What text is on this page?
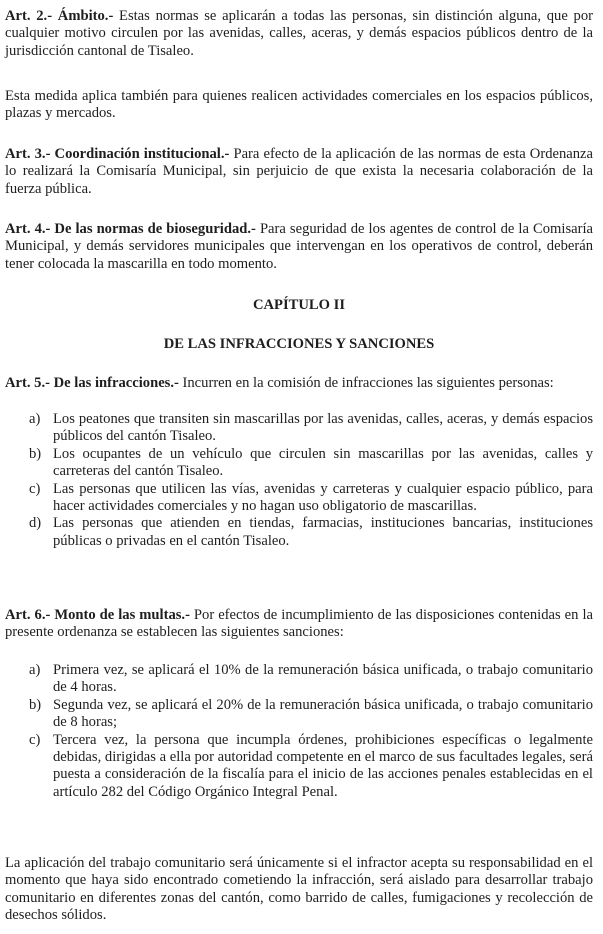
Art. 2.- Ámbito.- Estas normas se aplicarán a todas las personas, sin distinción alguna, que por cualquier motivo circulen por las avenidas, calles, aceras, y demás espacios públicos dentro de la jurisdicción cantonal de Tisaleo.

Esta medida aplica también para quienes realicen actividades comerciales en los espacios públicos, plazas y mercados.

Art. 3.- Coordinación institucional.- Para efecto de la aplicación de las normas de esta Ordenanza lo realizará la Comisaría Municipal, sin perjuicio de que exista la necesaria colaboración de la fuerza pública.

Art. 4.- De las normas de bioseguridad.- Para seguridad de los agentes de control de la Comisaría Municipal, y demás servidores municipales que intervengan en los operativos de control, deberán tener colocada la mascarilla en todo momento.

CAPÍTULO II

DE LAS INFRACCIONES Y SANCIONES

Art. 5.- De las infracciones.- Incurren en la comisión de infracciones las siguientes personas:

a) Los peatones que transiten sin mascarillas por las avenidas, calles, aceras, y demás espacios públicos del cantón Tisaleo.
b) Los ocupantes de un vehículo que circulen sin mascarillas por las avenidas, calles y carreteras del cantón Tisaleo.
c) Las personas que utilicen las vías, avenidas y carreteras y cualquier espacio público, para hacer actividades comerciales y no hagan uso obligatorio de mascarillas.
d) Las personas que atienden en tiendas, farmacias, instituciones bancarias, instituciones públicas o privadas en el cantón Tisaleo.

Art. 6.- Monto de las multas.- Por efectos de incumplimiento de las disposiciones contenidas en la presente ordenanza se establecen las siguientes sanciones:

a) Primera vez, se aplicará el 10% de la remuneración básica unificada, o trabajo comunitario de 4 horas.
b) Segunda vez, se aplicará el 20% de la remuneración básica unificada, o trabajo comunitario de 8 horas;
c) Tercera vez, la persona que incumpla órdenes, prohibiciones específicas o legalmente debidas, dirigidas a ella por autoridad competente en el marco de sus facultades legales, será puesta a consideración de la fiscalía para el inicio de las acciones penales establecidas en el artículo 282 del Código Orgánico Integral Penal.

La aplicación del trabajo comunitario será únicamente si el infractor acepta su responsabilidad en el momento que haya sido encontrado cometiendo la infracción, será aislado para desarrollar trabajo comunitario en diferentes zonas del cantón, como barrido de calles, fumigaciones y recolección de desechos sólidos.
